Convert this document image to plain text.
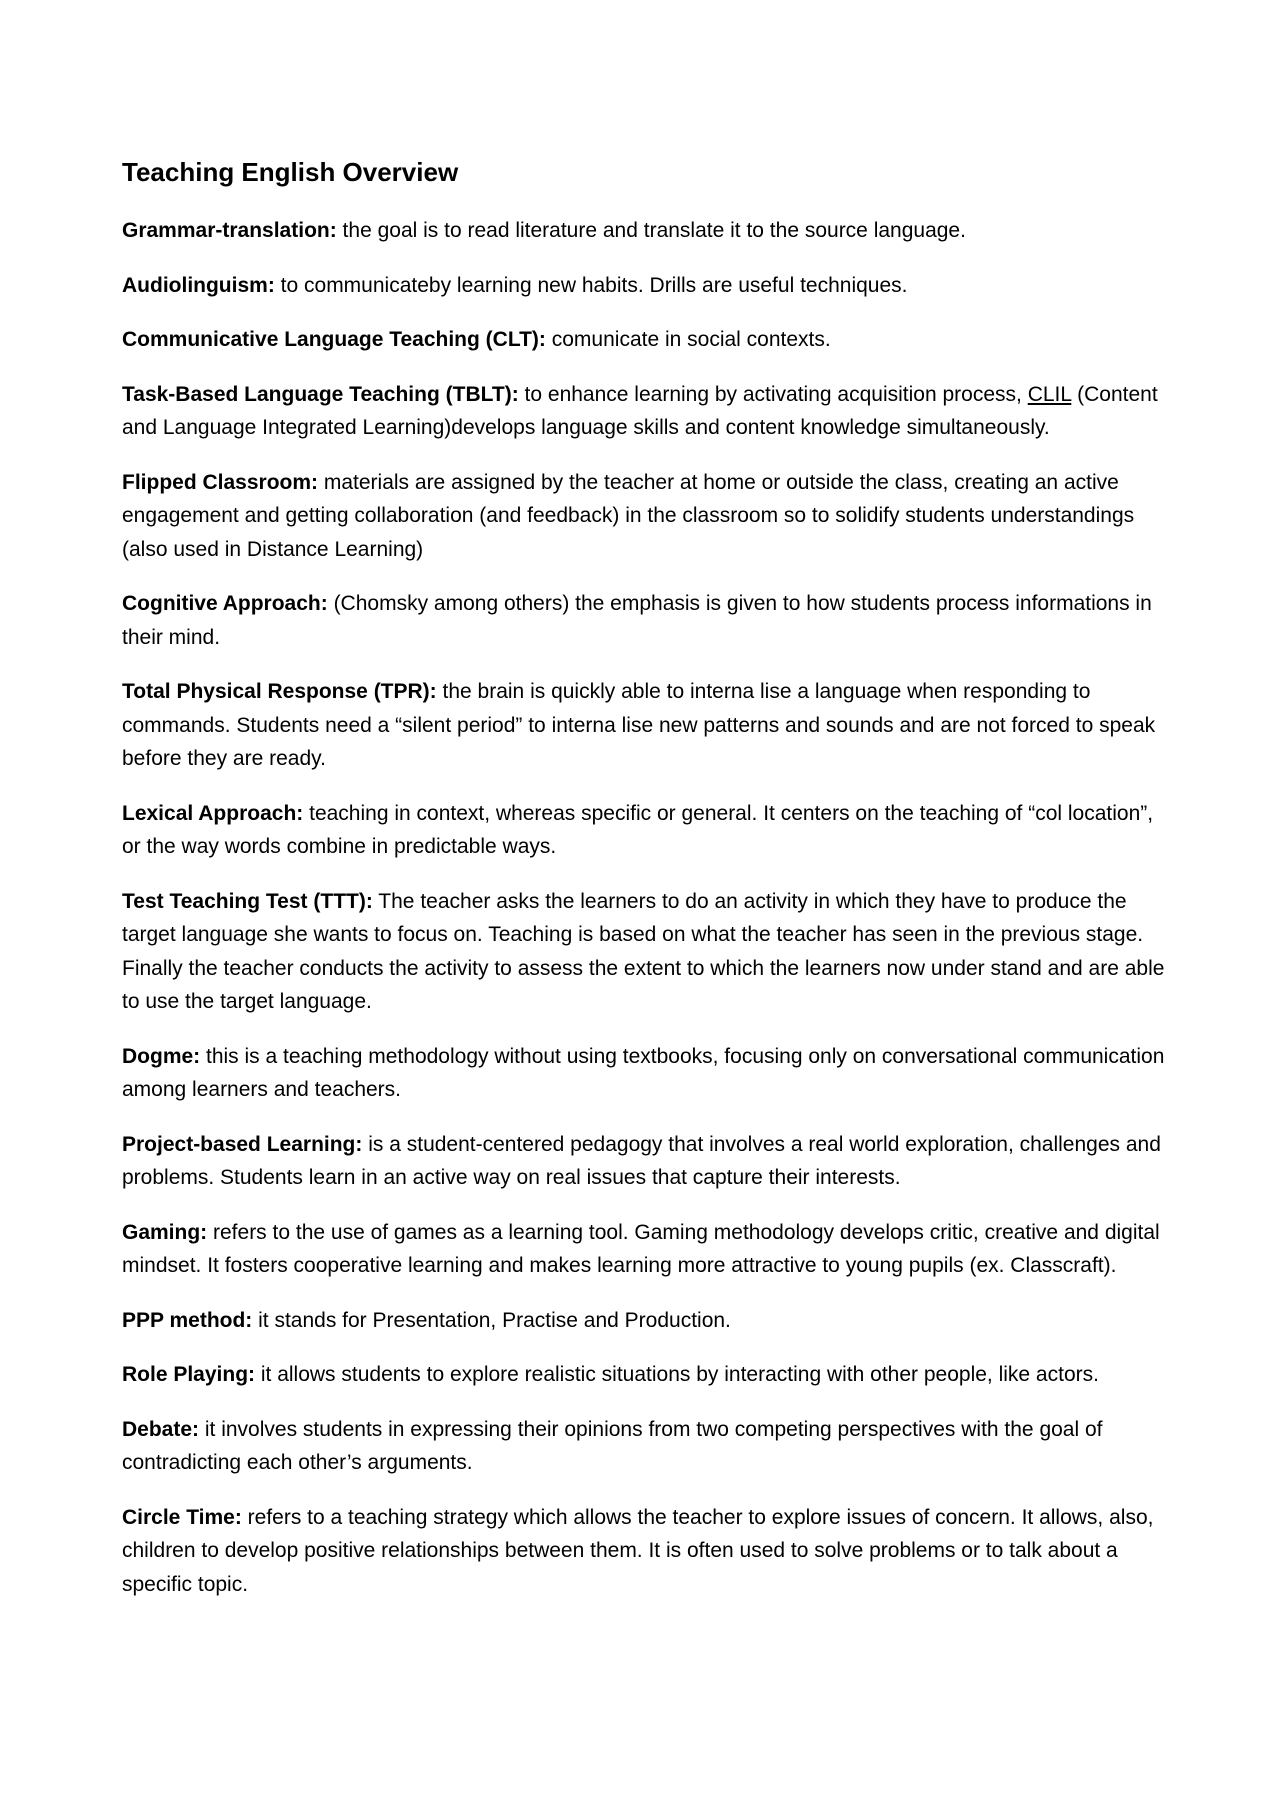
Teaching English Overview

Grammar-translation: the goal is to read literature and translate it to the source language.

Audiolinguism: to communicateby learning new habits. Drills are useful techniques.

Communicative Language Teaching (CLT): comunicate in social contexts.

Task-Based Language Teaching (TBLT): to enhance learning by activating acquisition process, CLIL (Content and Language Integrated Learning)develops language skills and content knowledge simultaneously.

Flipped Classroom: materials are assigned by the teacher at home or outside the class, creating an active engagement and getting collaboration (and feedback) in the classroom so to solidify students understandings (also used in Distance Learning)

Cognitive Approach: (Chomsky among others) the emphasis is given to how students process informations in their mind.

Total Physical Response (TPR): the brain is quickly able to interna lise a language when responding to commands. Students need a “silent period” to interna lise new patterns and sounds and are not forced to speak before they are ready.

Lexical Approach: teaching in context, whereas specific or general. It centers on the teaching of “col location”, or the way words combine in predictable ways.

Test Teaching Test (TTT): The teacher asks the learners to do an activity in which they have to produce the target language she wants to focus on. Teaching is based on what the teacher has seen in the previous stage. Finally the teacher conducts the activity to assess the extent to which the learners now under stand and are able to use the target language.

Dogme: this is a teaching methodology without using textbooks, focusing only on conversational communication among learners and teachers.

Project-based Learning: is a student-centered pedagogy that involves a real world exploration, challenges and problems. Students learn in an active way on real issues that capture their interests.

Gaming: refers to the use of games as a learning tool. Gaming methodology develops critic, creative and digital mindset. It fosters cooperative learning and makes learning more attractive to young pupils (ex. Classcraft).

PPP method: it stands for Presentation, Practise and Production.

Role Playing: it allows students to explore realistic situations by interacting with other people, like actors.

Debate: it involves students in expressing their opinions from two competing perspectives with the goal of contradicting each other’s arguments.

Circle Time: refers to a teaching strategy which allows the teacher to explore issues of concern. It allows, also, children to develop positive relationships between them. It is often used to solve problems or to talk about a specific topic.
